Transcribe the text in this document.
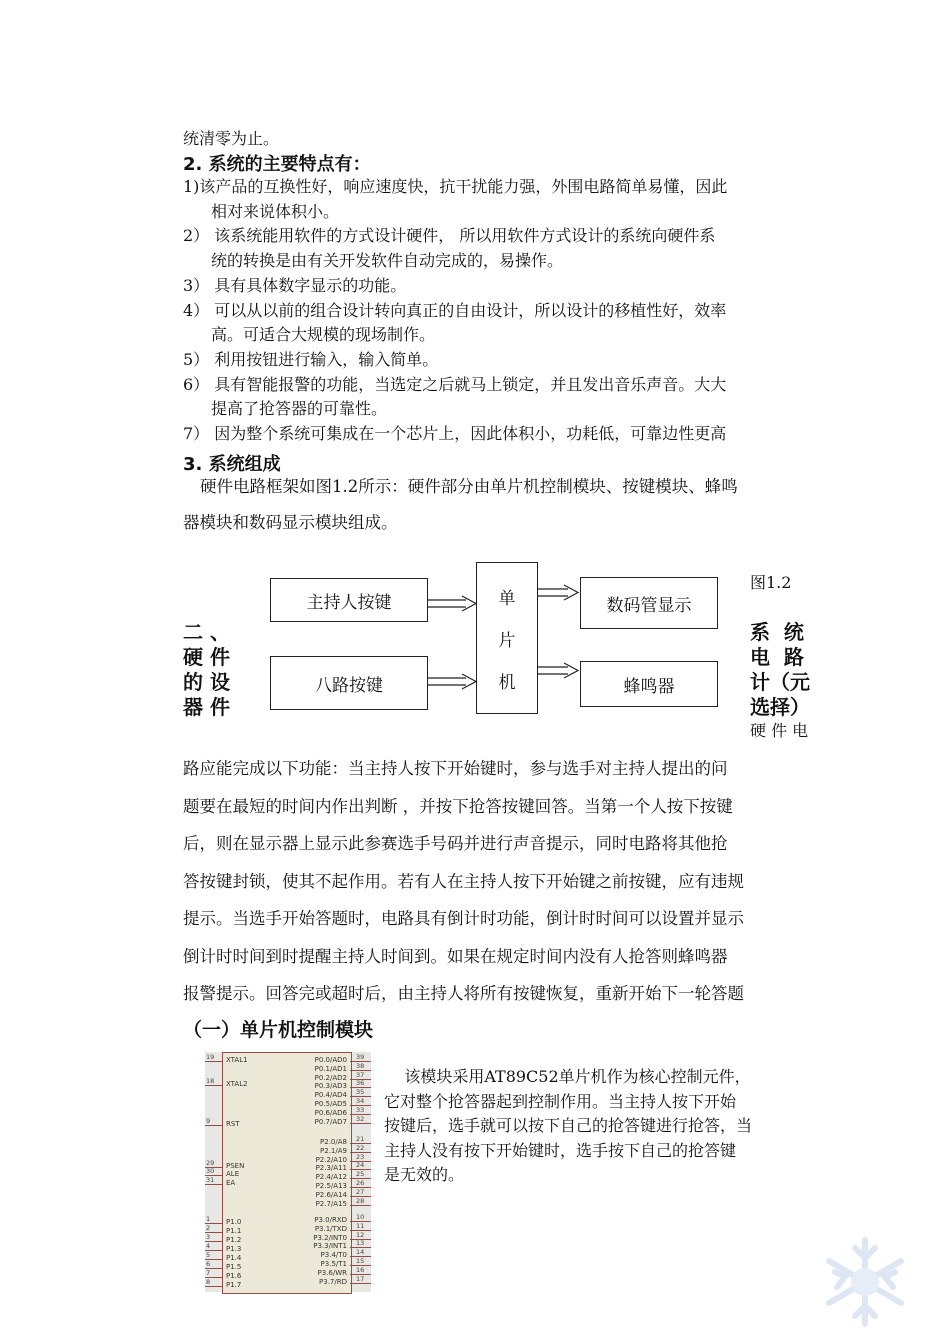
统清零为止。
2. 系统的主要特点有：
1)该产品的互换性好，响应速度快，抗干扰能力强，外围电路简单易懂，因此
相对来说体积小。
2） 该系统能用软件的方式设计硬件， 所以用软件方式设计的系统向硬件系
统的转换是由有关开发软件自动完成的，易操作。
3） 具有具体数字显示的功能。
4） 可以从以前的组合设计转向真正的自由设计，所以设计的移植性好，效率
高。可适合大规模的现场制作。
5） 利用按钮进行输入，输入简单。
6） 具有智能报警的功能，当选定之后就马上锁定，并且发出音乐声音。大大
提高了抢答器的可靠性。
7） 因为整个系统可集成在一个芯片上，因此体积小，功耗低，可靠边性更高
3. 系统组成
硬件电路框架如图1.2所示：硬件部分由单片机控制模块、按键模块、蜂鸣
器模块和数码显示模块组成。
主持人按键
八路按键
单
片
机
数码管显示
蜂鸣器
图1.2
二 、
硬 件
的 设
器 件
系  统
电  路
计（元
选择）
硬 件 电
路应能完成以下功能：当主持人按下开始键时，参与选手对主持人提出的问
题要在最短的时间内作出判断 ，并按下抢答按键回答。当第一个人按下按键
后，则在显示器上显示此参赛选手号码并进行声音提示，同时电路将其他抢
答按键封锁，使其不起作用。若有人在主持人按下开始键之前按键，应有违规
提示。当选手开始答题时，电路具有倒计时功能，倒计时时间可以设置并显示
倒计时时间到时提醒主持人时间到。如果在规定时间内没有人抢答则蜂鸣器
报警提示。回答完或超时后，由主持人将所有按键恢复，重新开始下一轮答题
（一）单片机控制模块
该模块采用AT89C52单片机作为核心控制元件，
它对整个抢答器起到控制作用。当主持人按下开始
按键后，选手就可以按下自己的抢答键进行抢答，当
主持人没有按下开始键时，选手按下自己的抢答键
是无效的。
19 XTAL1
18 XTAL2
9 RST
29 PSEN
30 ALE
31 EA
1 P1.0
2 P1.1
3 P1.2
4 P1.3
5 P1.4
6 P1.5
7 P1.6
8 P1.7
39
P0.0/AD0
38
P0.1/AD1
37
P0.2/AD2
36
P0.3/AD3
35
P0.4/AD4
34
P0.5/AD5
33
P0.6/AD6
32
P0.7/AD7
21
P2.0/A8
22
P2.1/A9
23
P2.2/A10
24
P2.3/A11
25
P2.4/A12
26
P2.5/A13
27
P2.6/A14
28
P2.7/A15
10
P3.0/RXD
11
P3.1/TXD
12
P3.2/INT0
13
P3.3/INT1
14
P3.4/T0
15
P3.5/T1
16
P3.6/WR
17
P3.7/RD
